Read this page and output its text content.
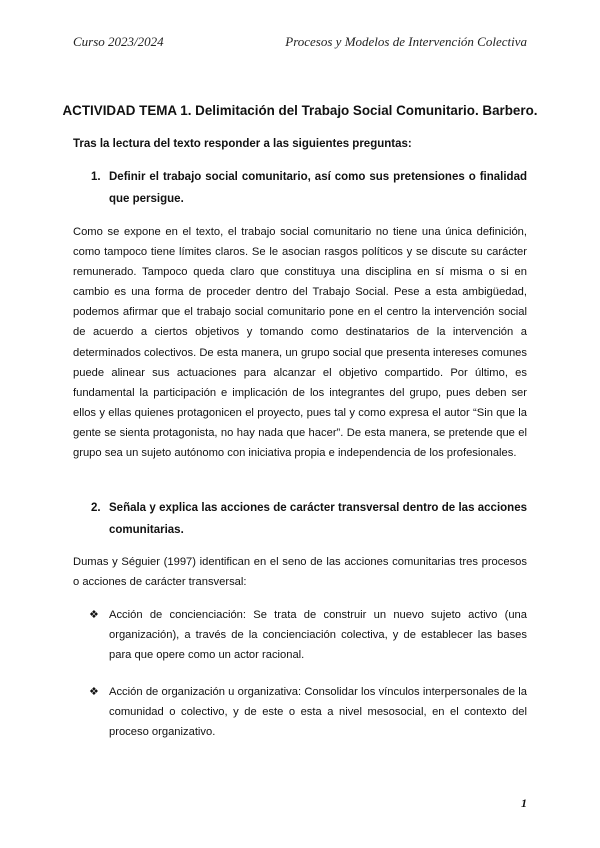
Curso 2023/2024	Procesos y Modelos de Intervención Colectiva
ACTIVIDAD TEMA 1. Delimitación del Trabajo Social Comunitario. Barbero.
Tras la lectura del texto responder a las siguientes preguntas:
1. Definir el trabajo social comunitario, así como sus pretensiones o finalidad que persigue.
Como se expone en el texto, el trabajo social comunitario no tiene una única definición, como tampoco tiene límites claros. Se le asocian rasgos políticos y se discute su carácter remunerado. Tampoco queda claro que constituya una disciplina en sí misma o si en cambio es una forma de proceder dentro del Trabajo Social. Pese a esta ambigüedad, podemos afirmar que el trabajo social comunitario pone en el centro la intervención social de acuerdo a ciertos objetivos y tomando como destinatarios de la intervención a determinados colectivos. De esta manera, un grupo social que presenta intereses comunes puede alinear sus actuaciones para alcanzar el objetivo compartido. Por último, es fundamental la participación e implicación de los integrantes del grupo, pues deben ser ellos y ellas quienes protagonicen el proyecto, pues tal y como expresa el autor “Sin que la gente se sienta protagonista, no hay nada que hacer”. De esta manera, se pretende que el grupo sea un sujeto autónomo con iniciativa propia e independencia de los profesionales.
2. Señala y explica las acciones de carácter transversal dentro de las acciones comunitarias.
Dumas y Séguier (1997) identifican en el seno de las acciones comunitarias tres procesos o acciones de carácter transversal:
❖ Acción de concienciación: Se trata de construir un nuevo sujeto activo (una organización), a través de la concienciación colectiva, y de establecer las bases para que opere como un actor racional.
❖ Acción de organización u organizativa: Consolidar los vínculos interpersonales de la comunidad o colectivo, y de este o esta a nivel mesosocial, en el contexto del proceso organizativo.
1
